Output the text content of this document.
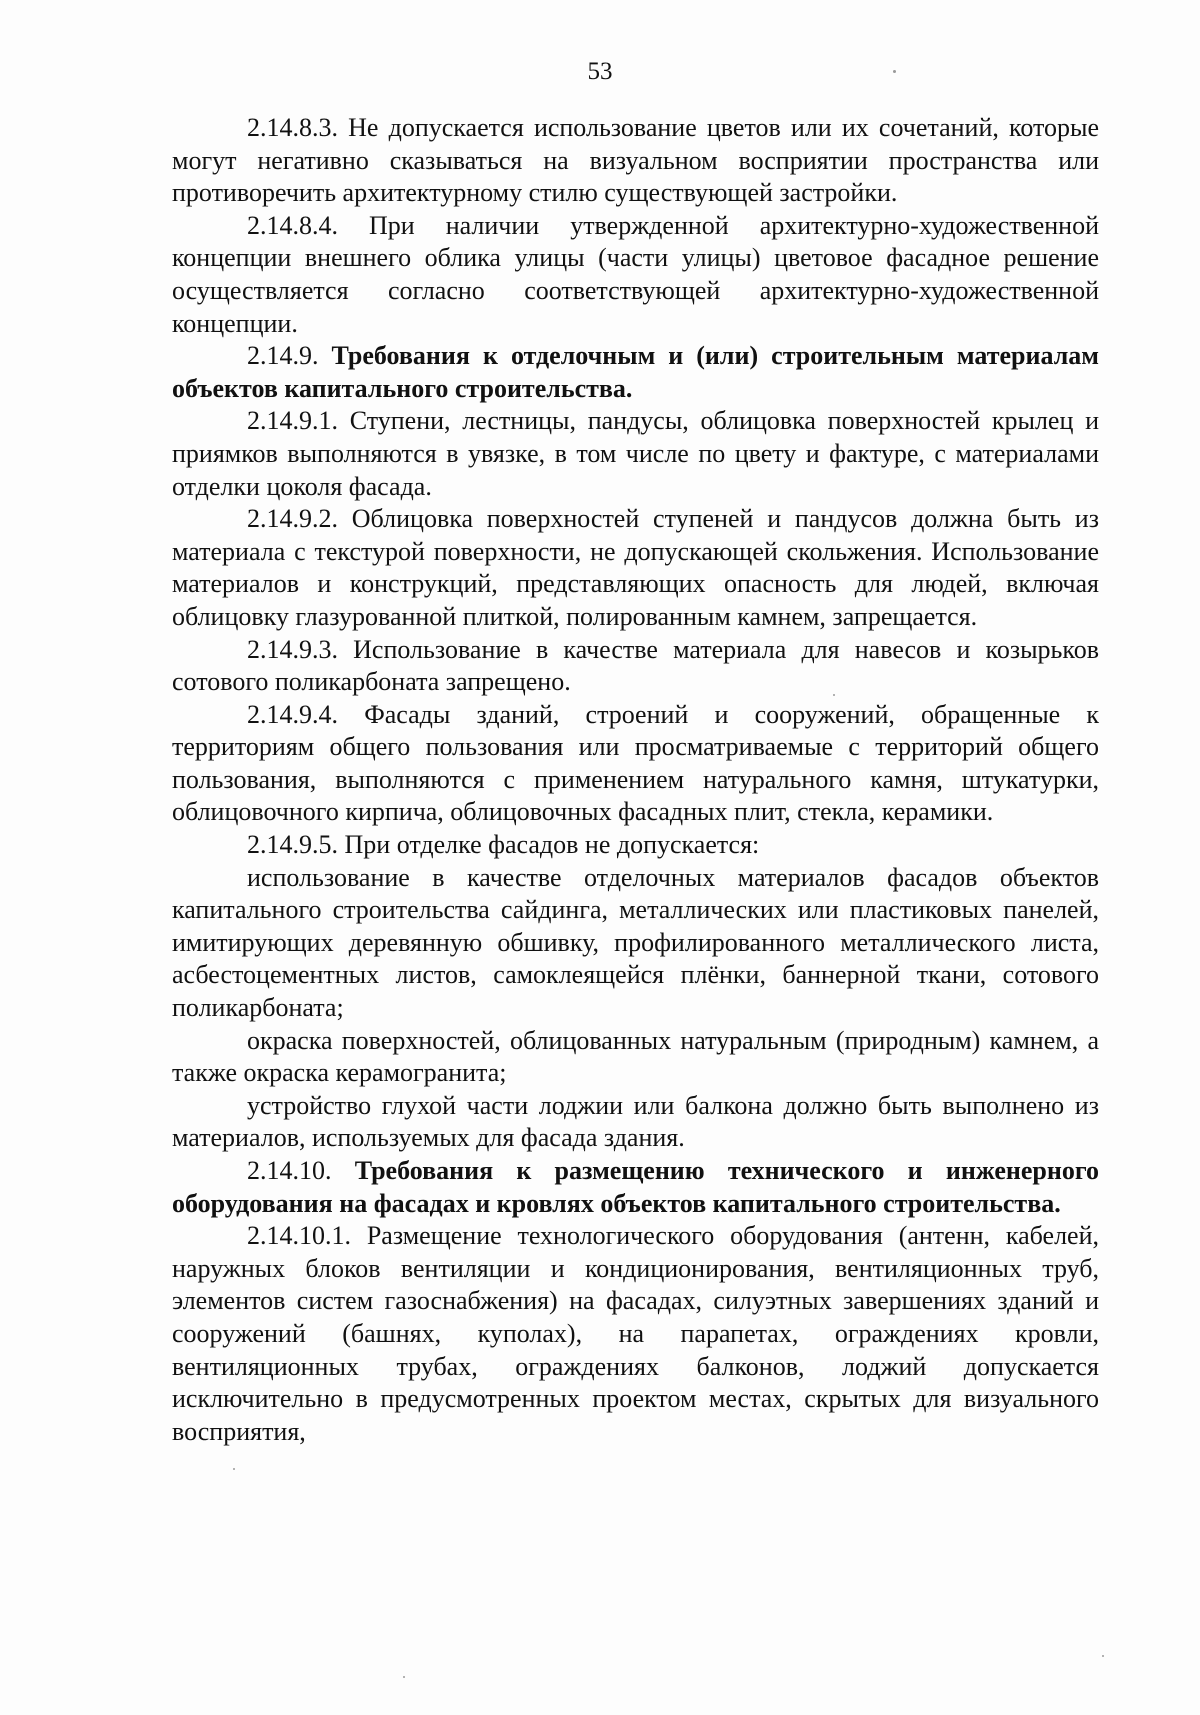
53

2.14.8.3. Не допускается использование цветов или их сочетаний, которые могут негативно сказываться на визуальном восприятии пространства или противоречить архитектурному стилю существующей застройки.

2.14.8.4. При наличии утвержденной архитектурно-художественной концепции внешнего облика улицы (части улицы) цветовое фасадное решение осуществляется согласно соответствующей архитектурно-художественной концепции.

2.14.9. Требования к отделочным и (или) строительным материалам объектов капитального строительства.

2.14.9.1. Ступени, лестницы, пандусы, облицовка поверхностей крылец и приямков выполняются в увязке, в том числе по цвету и фактуре, с материалами отделки цоколя фасада.

2.14.9.2. Облицовка поверхностей ступеней и пандусов должна быть из материала с текстурой поверхности, не допускающей скольжения. Использование материалов и конструкций, представляющих опасность для людей, включая облицовку глазурованной плиткой, полированным камнем, запрещается.

2.14.9.3. Использование в качестве материала для навесов и козырьков сотового поликарбоната запрещено.

2.14.9.4. Фасады зданий, строений и сооружений, обращенные к территориям общего пользования или просматриваемые с территорий общего пользования, выполняются с применением натурального камня, штукатурки, облицовочного кирпича, облицовочных фасадных плит, стекла, керамики.

2.14.9.5. При отделке фасадов не допускается:

использование в качестве отделочных материалов фасадов объектов капитального строительства сайдинга, металлических или пластиковых панелей, имитирующих деревянную обшивку, профилированного металлического листа, асбестоцементных листов, самоклеящейся плёнки, баннерной ткани, сотового поликарбоната;

окраска поверхностей, облицованных натуральным (природным) камнем, а также окраска керамогранита;

устройство глухой части лоджии или балкона должно быть выполнено из материалов, используемых для фасада здания.

2.14.10. Требования к размещению технического и инженерного оборудования на фасадах и кровлях объектов капитального строительства.

2.14.10.1. Размещение технологического оборудования (антенн, кабелей, наружных блоков вентиляции и кондиционирования, вентиляционных труб, элементов систем газоснабжения) на фасадах, силуэтных завершениях зданий и сооружений (башнях, куполах), на парапетах, ограждениях кровли, вентиляционных трубах, ограждениях балконов, лоджий допускается исключительно в предусмотренных проектом местах, скрытых для визуального восприятия,
